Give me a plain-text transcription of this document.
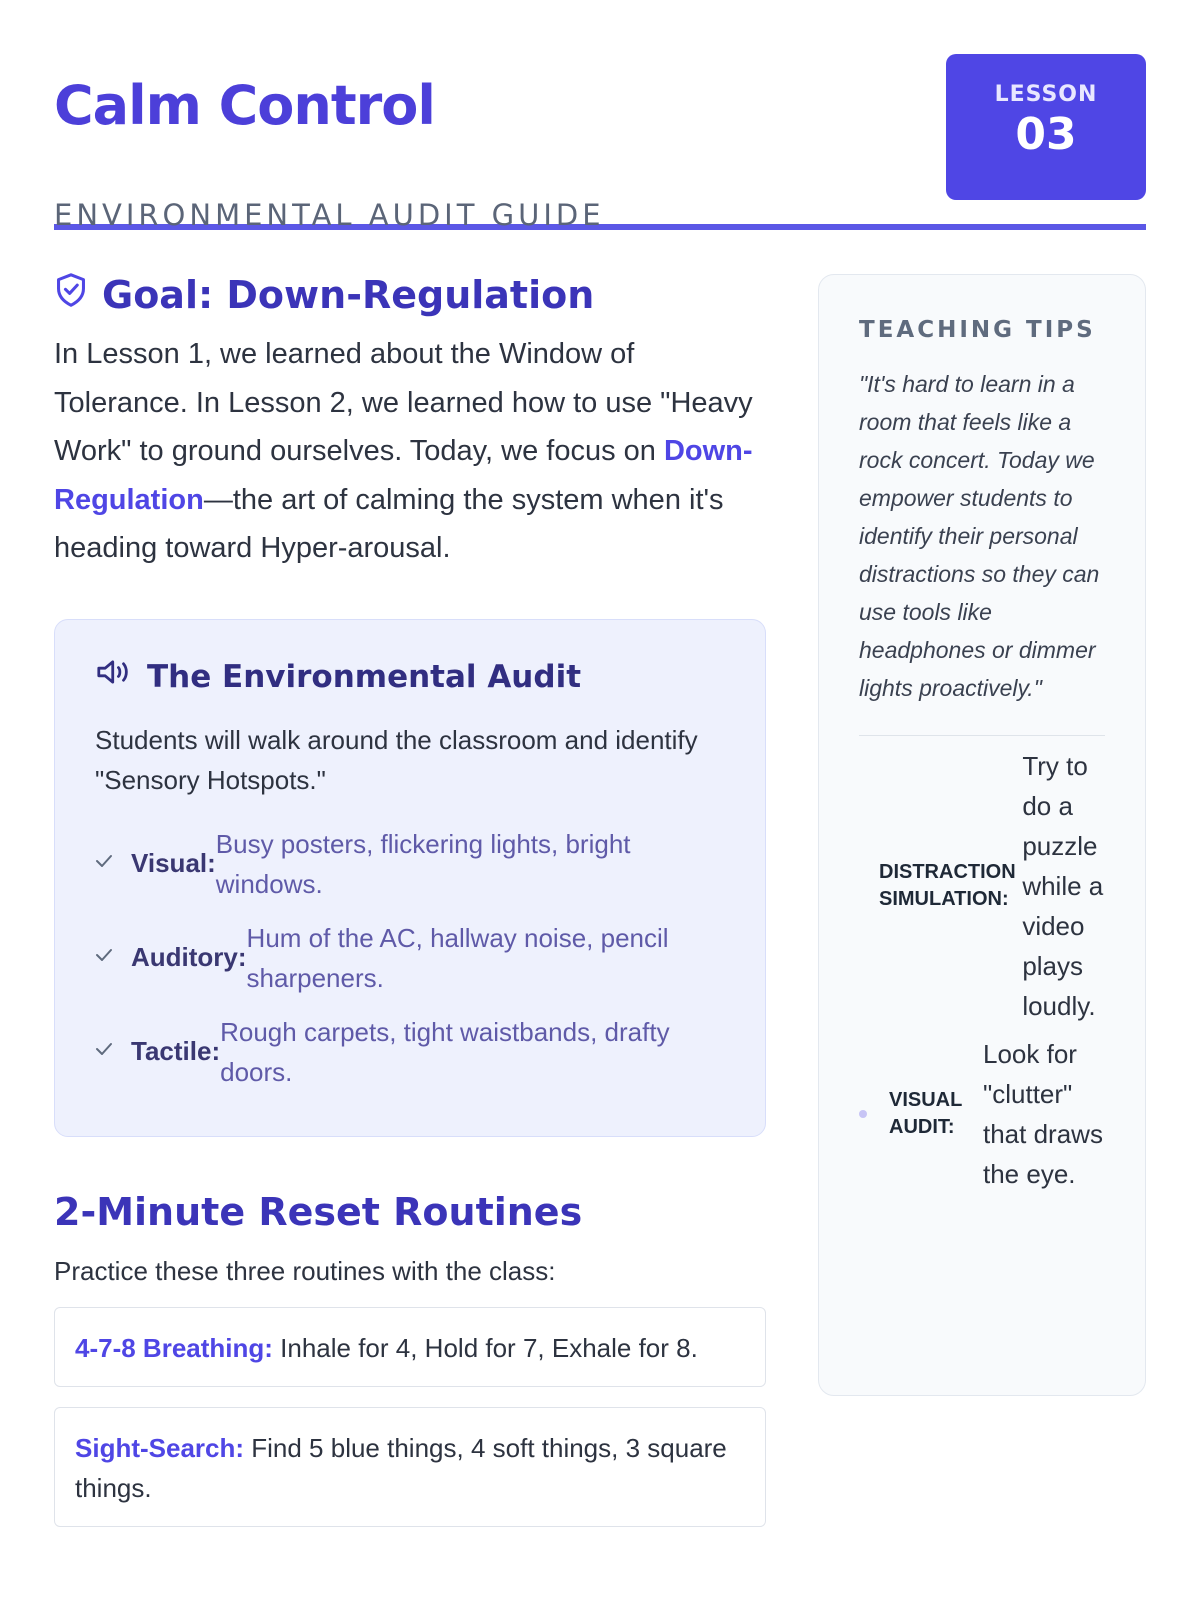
Calm Control

ENVIRONMENTAL AUDIT GUIDE

LESSON
03
Goal: Down-Regulation

In Lesson 1, we learned about the Window of Tolerance. In Lesson 2, we learned how to use "Heavy Work" to ground ourselves. Today, we focus on Down-Regulation—the art of calming the system when it's heading toward Hyper-arousal.

The Environmental Audit

Students will walk around the classroom and identify "Sensory Hotspots."

Visual:
Busy posters, flickering lights, bright windows.
Auditory:
Hum of the AC, hallway noise, pencil sharpeners.
Tactile:
Rough carpets, tight waistbands, drafty doors.
2-Minute Reset Routines

Practice these three routines with the class:

4-7-8 Breathing: Inhale for 4, Hold for 7, Exhale for 8.
Sight-Search: Find 5 blue things, 4 soft things, 3 square things.
TEACHING TIPS

"It's hard to learn in a room that feels like a rock concert. Today we empower students to identify their personal distractions so they can use tools like headphones or dimmer lights proactively."

DISTRACTION SIMULATION:
Try to do a puzzle while a video plays loudly.
VISUAL AUDIT:
Look for "clutter" that draws the eye.
